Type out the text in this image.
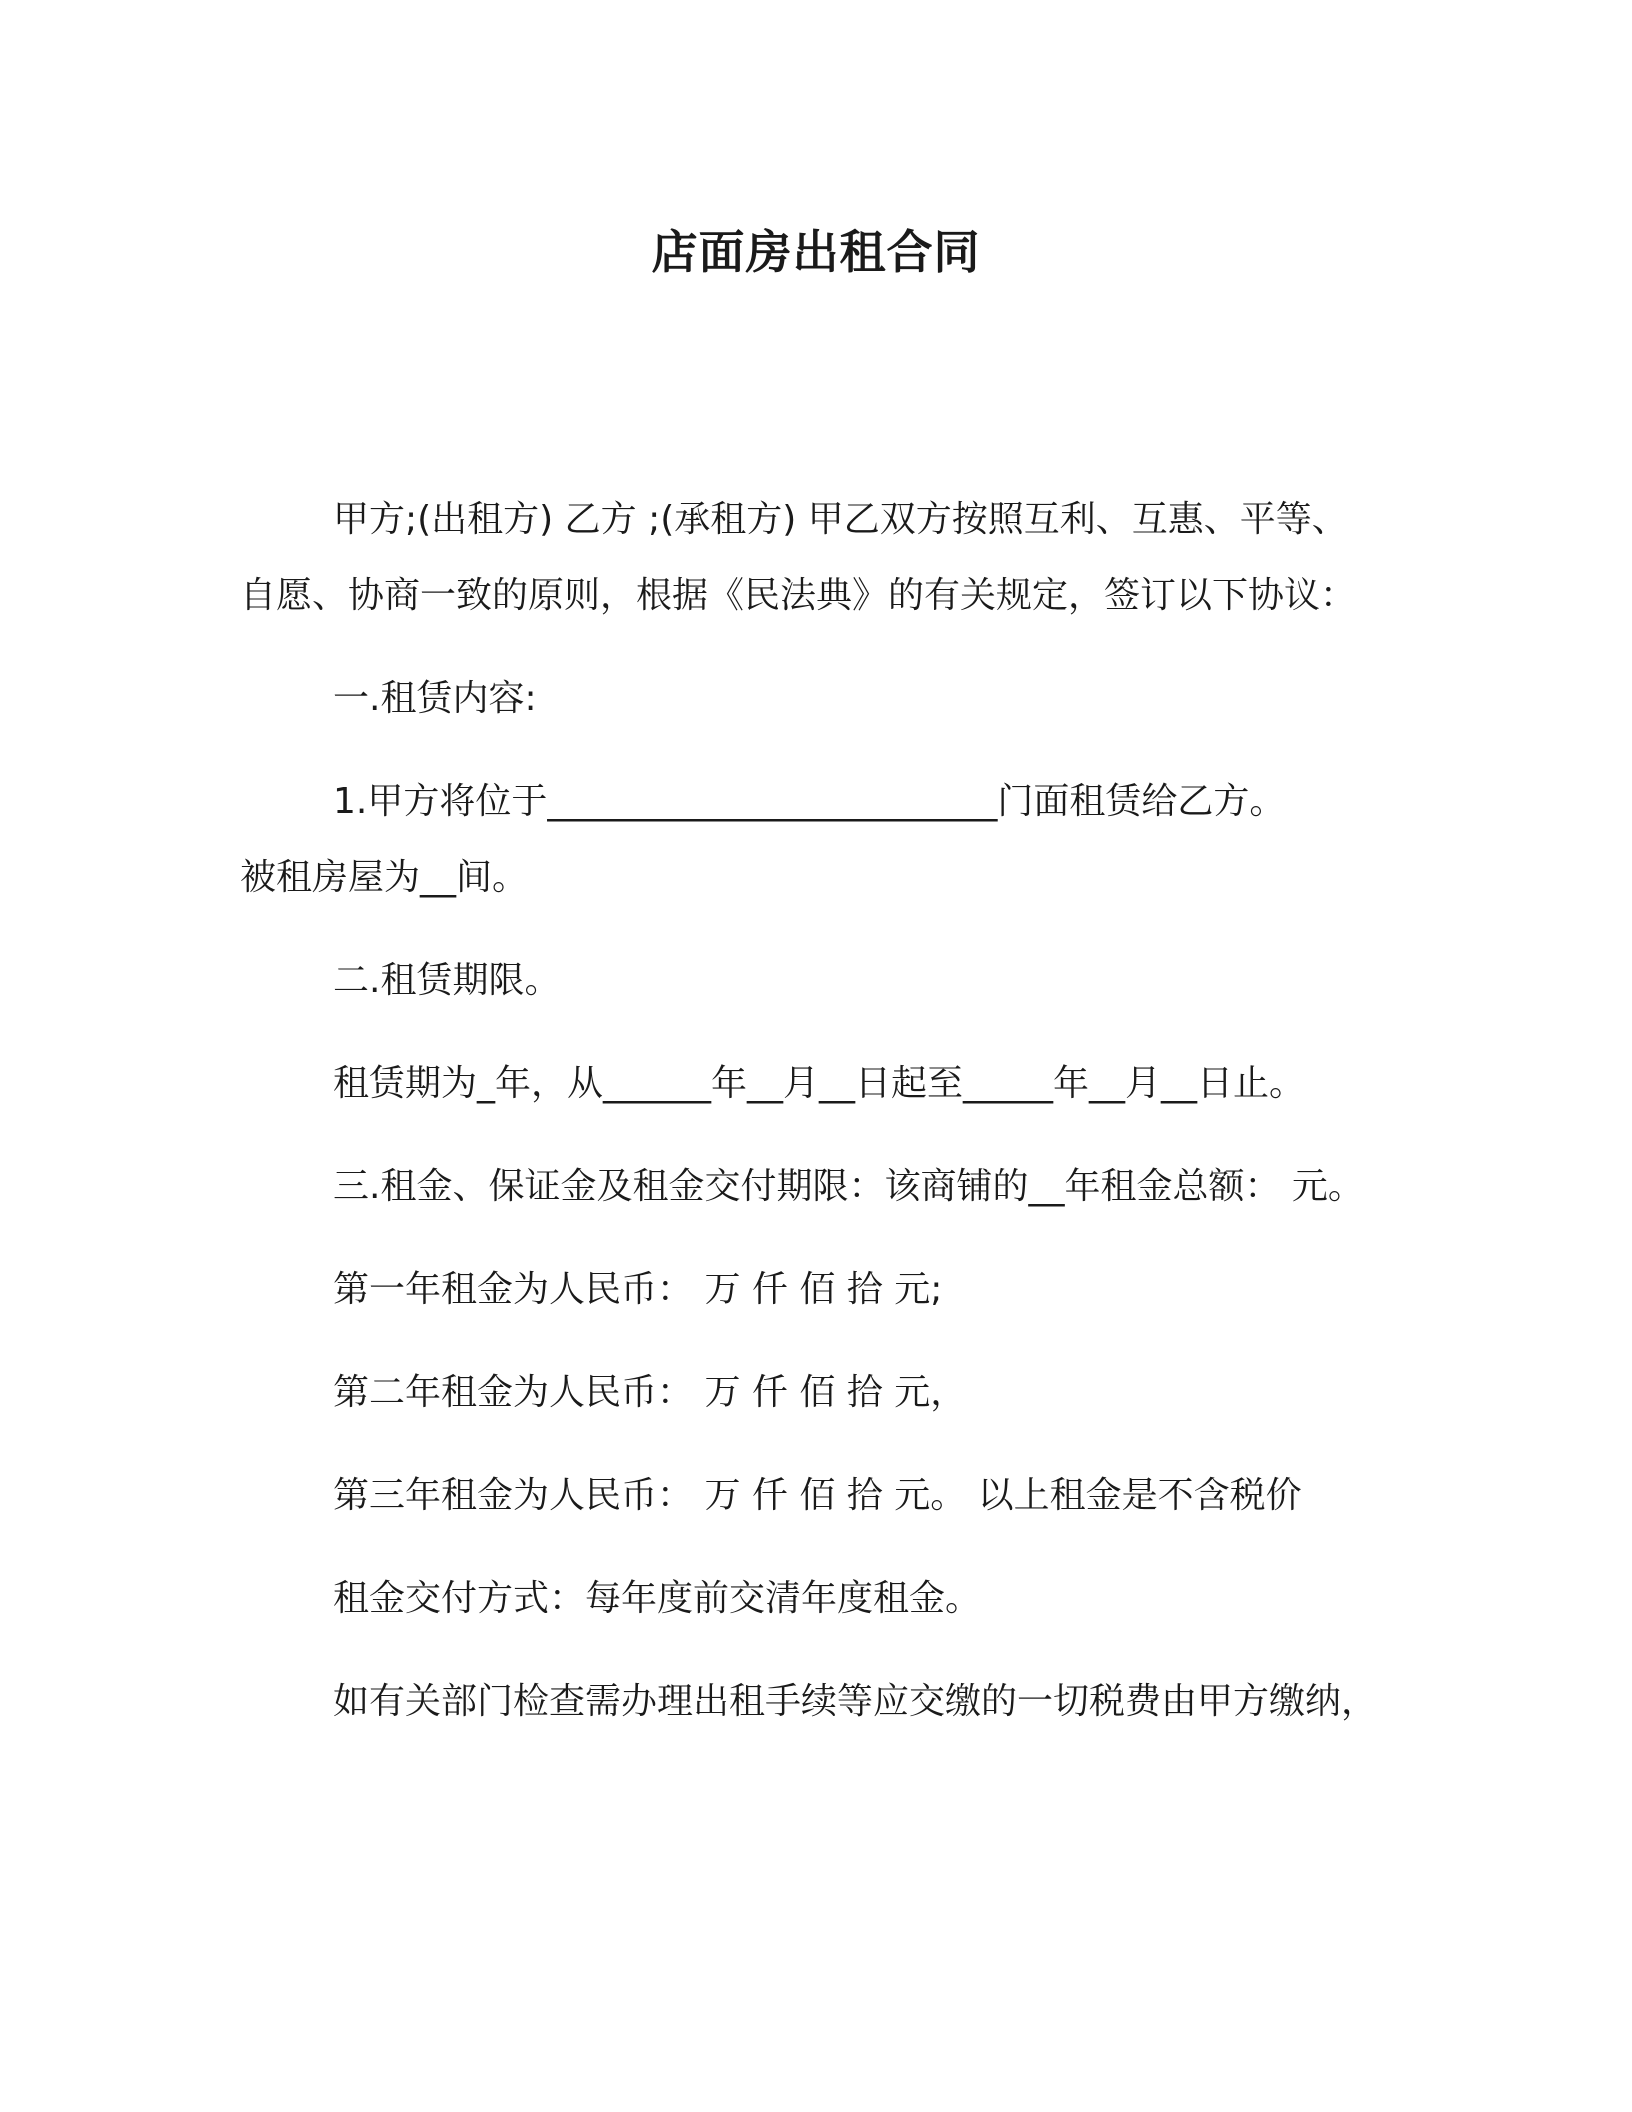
店面房出租合同
甲方;(出租方) 乙方 ;(承租方) 甲乙双方按照互利、互惠、平等、
自愿、协商一致的原则，根据《民法典》的有关规定，签订以下协议：
一.租赁内容:
1.甲方将位于_________________________门面租赁给乙方。
被租房屋为__间。
二.租赁期限。
租赁期为_年，从______年__月__日起至_____年__月__日止。
三.租金、保证金及租金交付期限：该商铺的__年租金总额： 元。
第一年租金为人民币： 万 仟 佰 拾 元;
第二年租金为人民币： 万 仟 佰 拾 元，
第三年租金为人民币： 万 仟 佰 拾 元。 以上租金是不含税价
租金交付方式：每年度前交清年度租金。
如有关部门检查需办理出租手续等应交缴的一切税费由甲方缴纳，
